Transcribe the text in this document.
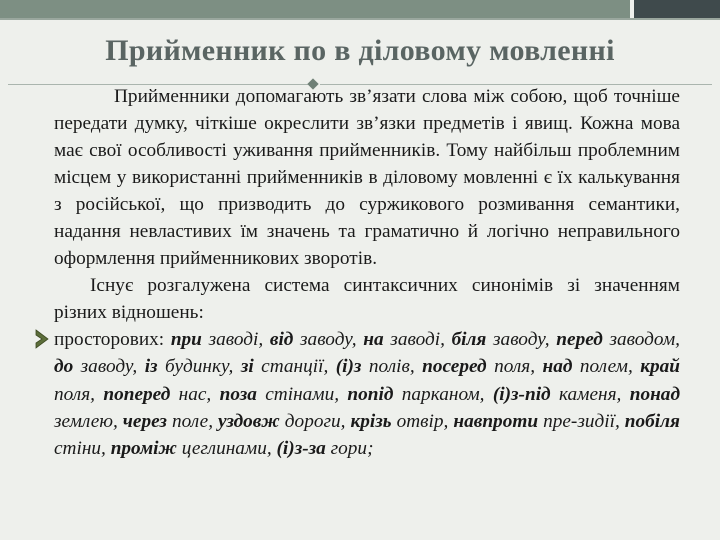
Прийменник по в діловому мовленні

Прийменники допомагають зв’язати слова між собою, щоб точніше передати думку, чіткіше окреслити зв’язки предметів і явищ. Кожна мова має свої особливості уживання прийменників. Тому найбільш проблемним місцем у використанні прийменників в діловому мовленні є їх калькування з російської, що призводить до суржикового розмивання семантики, надання невластивих їм значень та граматично й логічно неправильного оформлення прийменникових зворотів.

Існує розгалужена система синтаксичних синонімів зі значенням різних відношень:

просторових: при заводі, від заводу, на заводі, біля заводу, перед заводом, до заводу, із будинку, зі станції, (і)з полів, посеред поля, над полем, край поля, поперед нас, поза стінами, попід парканом, (і)з-під каменя, понад землею, через поле, уздовж дороги, крізь отвір, навпроти пре-зидії, побіля стіни, проміж цеглинами, (і)з-за гори;
